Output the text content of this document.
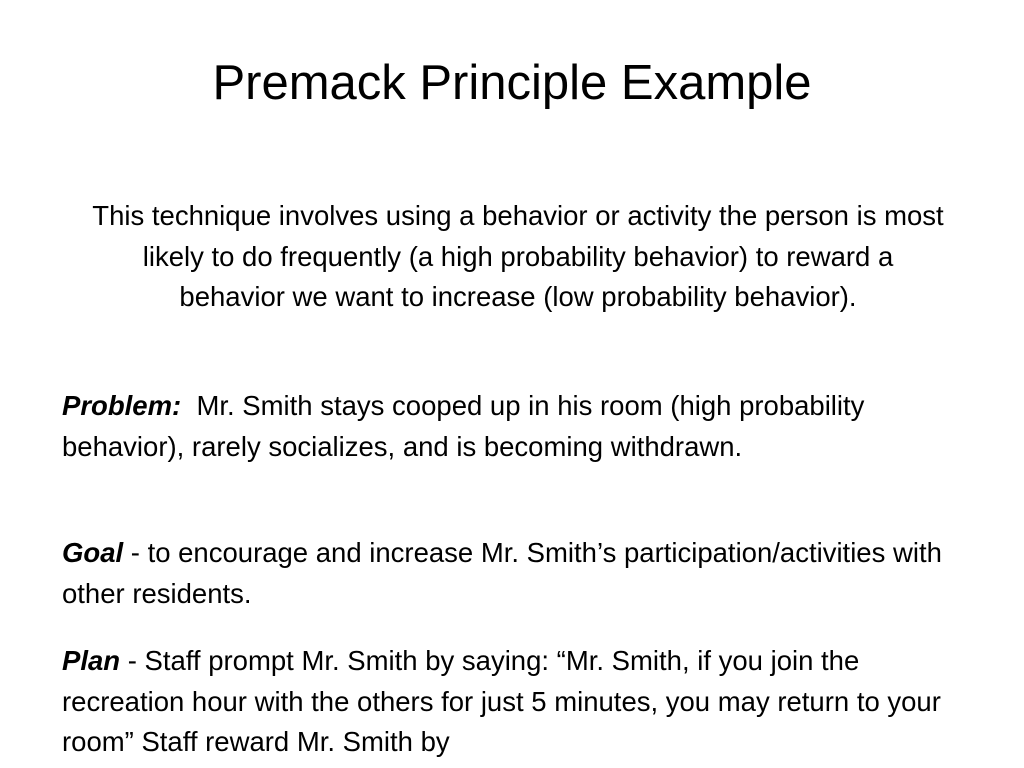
Premack Principle Example

This technique involves using a behavior or activity the person is most likely to do frequently (a high probability behavior) to reward a behavior we want to increase (low probability behavior).

Problem: Mr. Smith stays cooped up in his room (high probability behavior), rarely socializes, and is becoming withdrawn.

Goal - to encourage and increase Mr. Smith’s participation/activities with other residents.

Plan - Staff prompt Mr. Smith by saying: “Mr. Smith, if you join the recreation hour with the others for just 5 minutes, you may return to your room” Staff reward Mr. Smith by
